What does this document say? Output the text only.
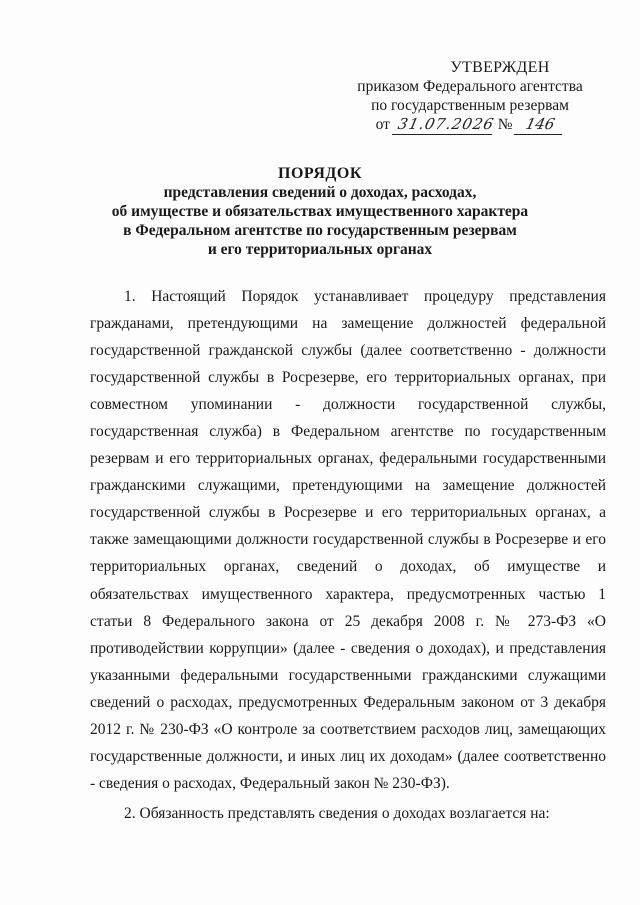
УТВЕРЖДЕН
приказом Федерального агентства
по государственным резервам
от 31.07.2026 № 146
ПОРЯДОК
представления сведений о доходах, расходах,
об имуществе и обязательствах имущественного характера
в Федеральном агентстве по государственным резервам
и его территориальных органах

1. Настоящий Порядок устанавливает процедуру представления гражданами, претендующими на замещение должностей федеральной государственной гражданской службы (далее соответственно - должности государственной службы в Росрезерве, его территориальных органах, при совместном упоминании - должности государственной службы, государственная служба) в Федеральном агентстве по государственным резервам и его территориальных органах, федеральными государственными гражданскими служащими, претендующими на замещение должностей государственной службы в Росрезерве и его территориальных органах, а также замещающими должности государственной службы в Росрезерве и его территориальных органах, сведений о доходах, об имуществе и обязательствах имущественного характера, предусмотренных частью 1 статьи 8 Федерального закона от 25 декабря 2008 г. № 273-ФЗ «О противодействии коррупции» (далее - сведения о доходах), и представления указанными федеральными государственными гражданскими служащими сведений о расходах, предусмотренных Федеральным законом от 3 декабря 2012 г. № 230-ФЗ «О контроле за соответствием расходов лиц, замещающих государственные должности, и иных лиц их доходам» (далее соответственно - сведения о расходах, Федеральный закон № 230-ФЗ).

2. Обязанность представлять сведения о доходах возлагается на:
